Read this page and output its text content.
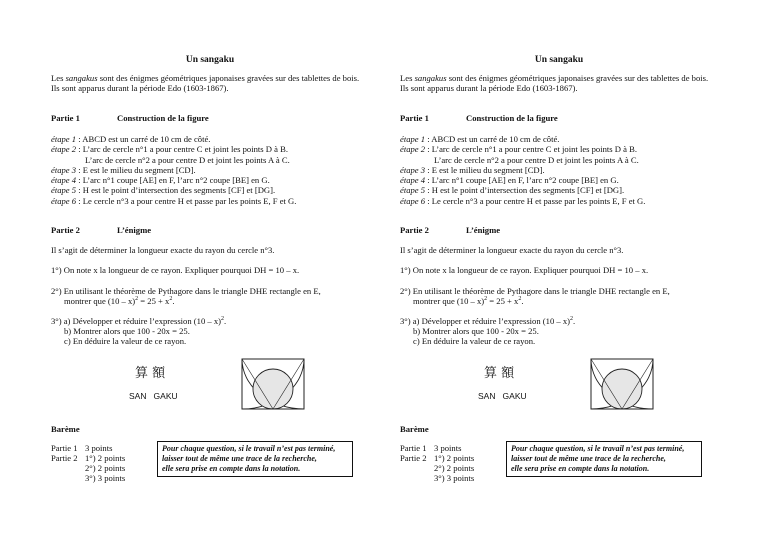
Un sangaku
Les sangakus sont des énigmes géométriques japonaises gravées sur des tablettes de bois. Ils sont apparus durant la période Edo (1603-1867).
Partie 1	Construction de la figure
étape 1 : ABCD est un carré de 10 cm de côté.
étape 2 : L’arc de cercle n°1 a pour centre C et joint les points D à B.
L’arc de cercle n°2 a pour centre D et joint les points A à C.
étape 3 : E est le milieu du segment [CD].
étape 4 : L’arc n°1 coupe [AE] en F, l’arc n°2 coupe [BE] en G.
étape 5 : H est le point d’intersection des segments [CF] et [DG].
étape 6 : Le cercle n°3 a pour centre H et passe par les points E, F et G.
Partie 2	L’énigme
Il s’agit de déterminer la longueur exacte du rayon du cercle n°3.
1°) On note x la longueur de ce rayon. Expliquer pourquoi DH = 10 – x.
2°) En utilisant le théorème de Pythagore dans le triangle DHE rectangle en E,
montrer que $(10 - x)^2 = 25 + x^2$.
3°) a) Développer et réduire l’expression (10 – x)$^2$.
b) Montrer alors que 100 - 20x = 25.
c) En déduire la valeur de ce rayon.
算 額
SAN   GAKU
Barème
Partie 1 3 points
Partie 2 1°) 2 points
2°) 2 points
3°) 3 points
Pour chaque question, si le travail n’est pas terminé,
laisser tout de même une trace de la recherche,
elle sera prise en compte dans la notation.
Un sangaku
Les sangakus sont des énigmes géométriques japonaises gravées sur des tablettes de bois. Ils sont apparus durant la période Edo (1603-1867).
Partie 1	Construction de la figure
étape 1 : ABCD est un carré de 10 cm de côté.
étape 2 : L’arc de cercle n°1 a pour centre C et joint les points D à B.
L’arc de cercle n°2 a pour centre D et joint les points A à C.
étape 3 : E est le milieu du segment [CD].
étape 4 : L’arc n°1 coupe [AE] en F, l’arc n°2 coupe [BE] en G.
étape 5 : H est le point d’intersection des segments [CF] et [DG].
étape 6 : Le cercle n°3 a pour centre H et passe par les points E, F et G.
Partie 2	L’énigme
Il s’agit de déterminer la longueur exacte du rayon du cercle n°3.
1°) On note x la longueur de ce rayon. Expliquer pourquoi DH = 10 – x.
2°) En utilisant le théorème de Pythagore dans le triangle DHE rectangle en E,
montrer que $(10 - x)^2 = 25 + x^2$.
3°) a) Développer et réduire l’expression (10 – x)$^2$.
b) Montrer alors que 100 - 20x = 25.
c) En déduire la valeur de ce rayon.
算 額
SAN   GAKU
Barème
Partie 1 3 points
Partie 2 1°) 2 points
2°) 2 points
3°) 3 points
Pour chaque question, si le travail n’est pas terminé,
laisser tout de même une trace de la recherche,
elle sera prise en compte dans la notation.
